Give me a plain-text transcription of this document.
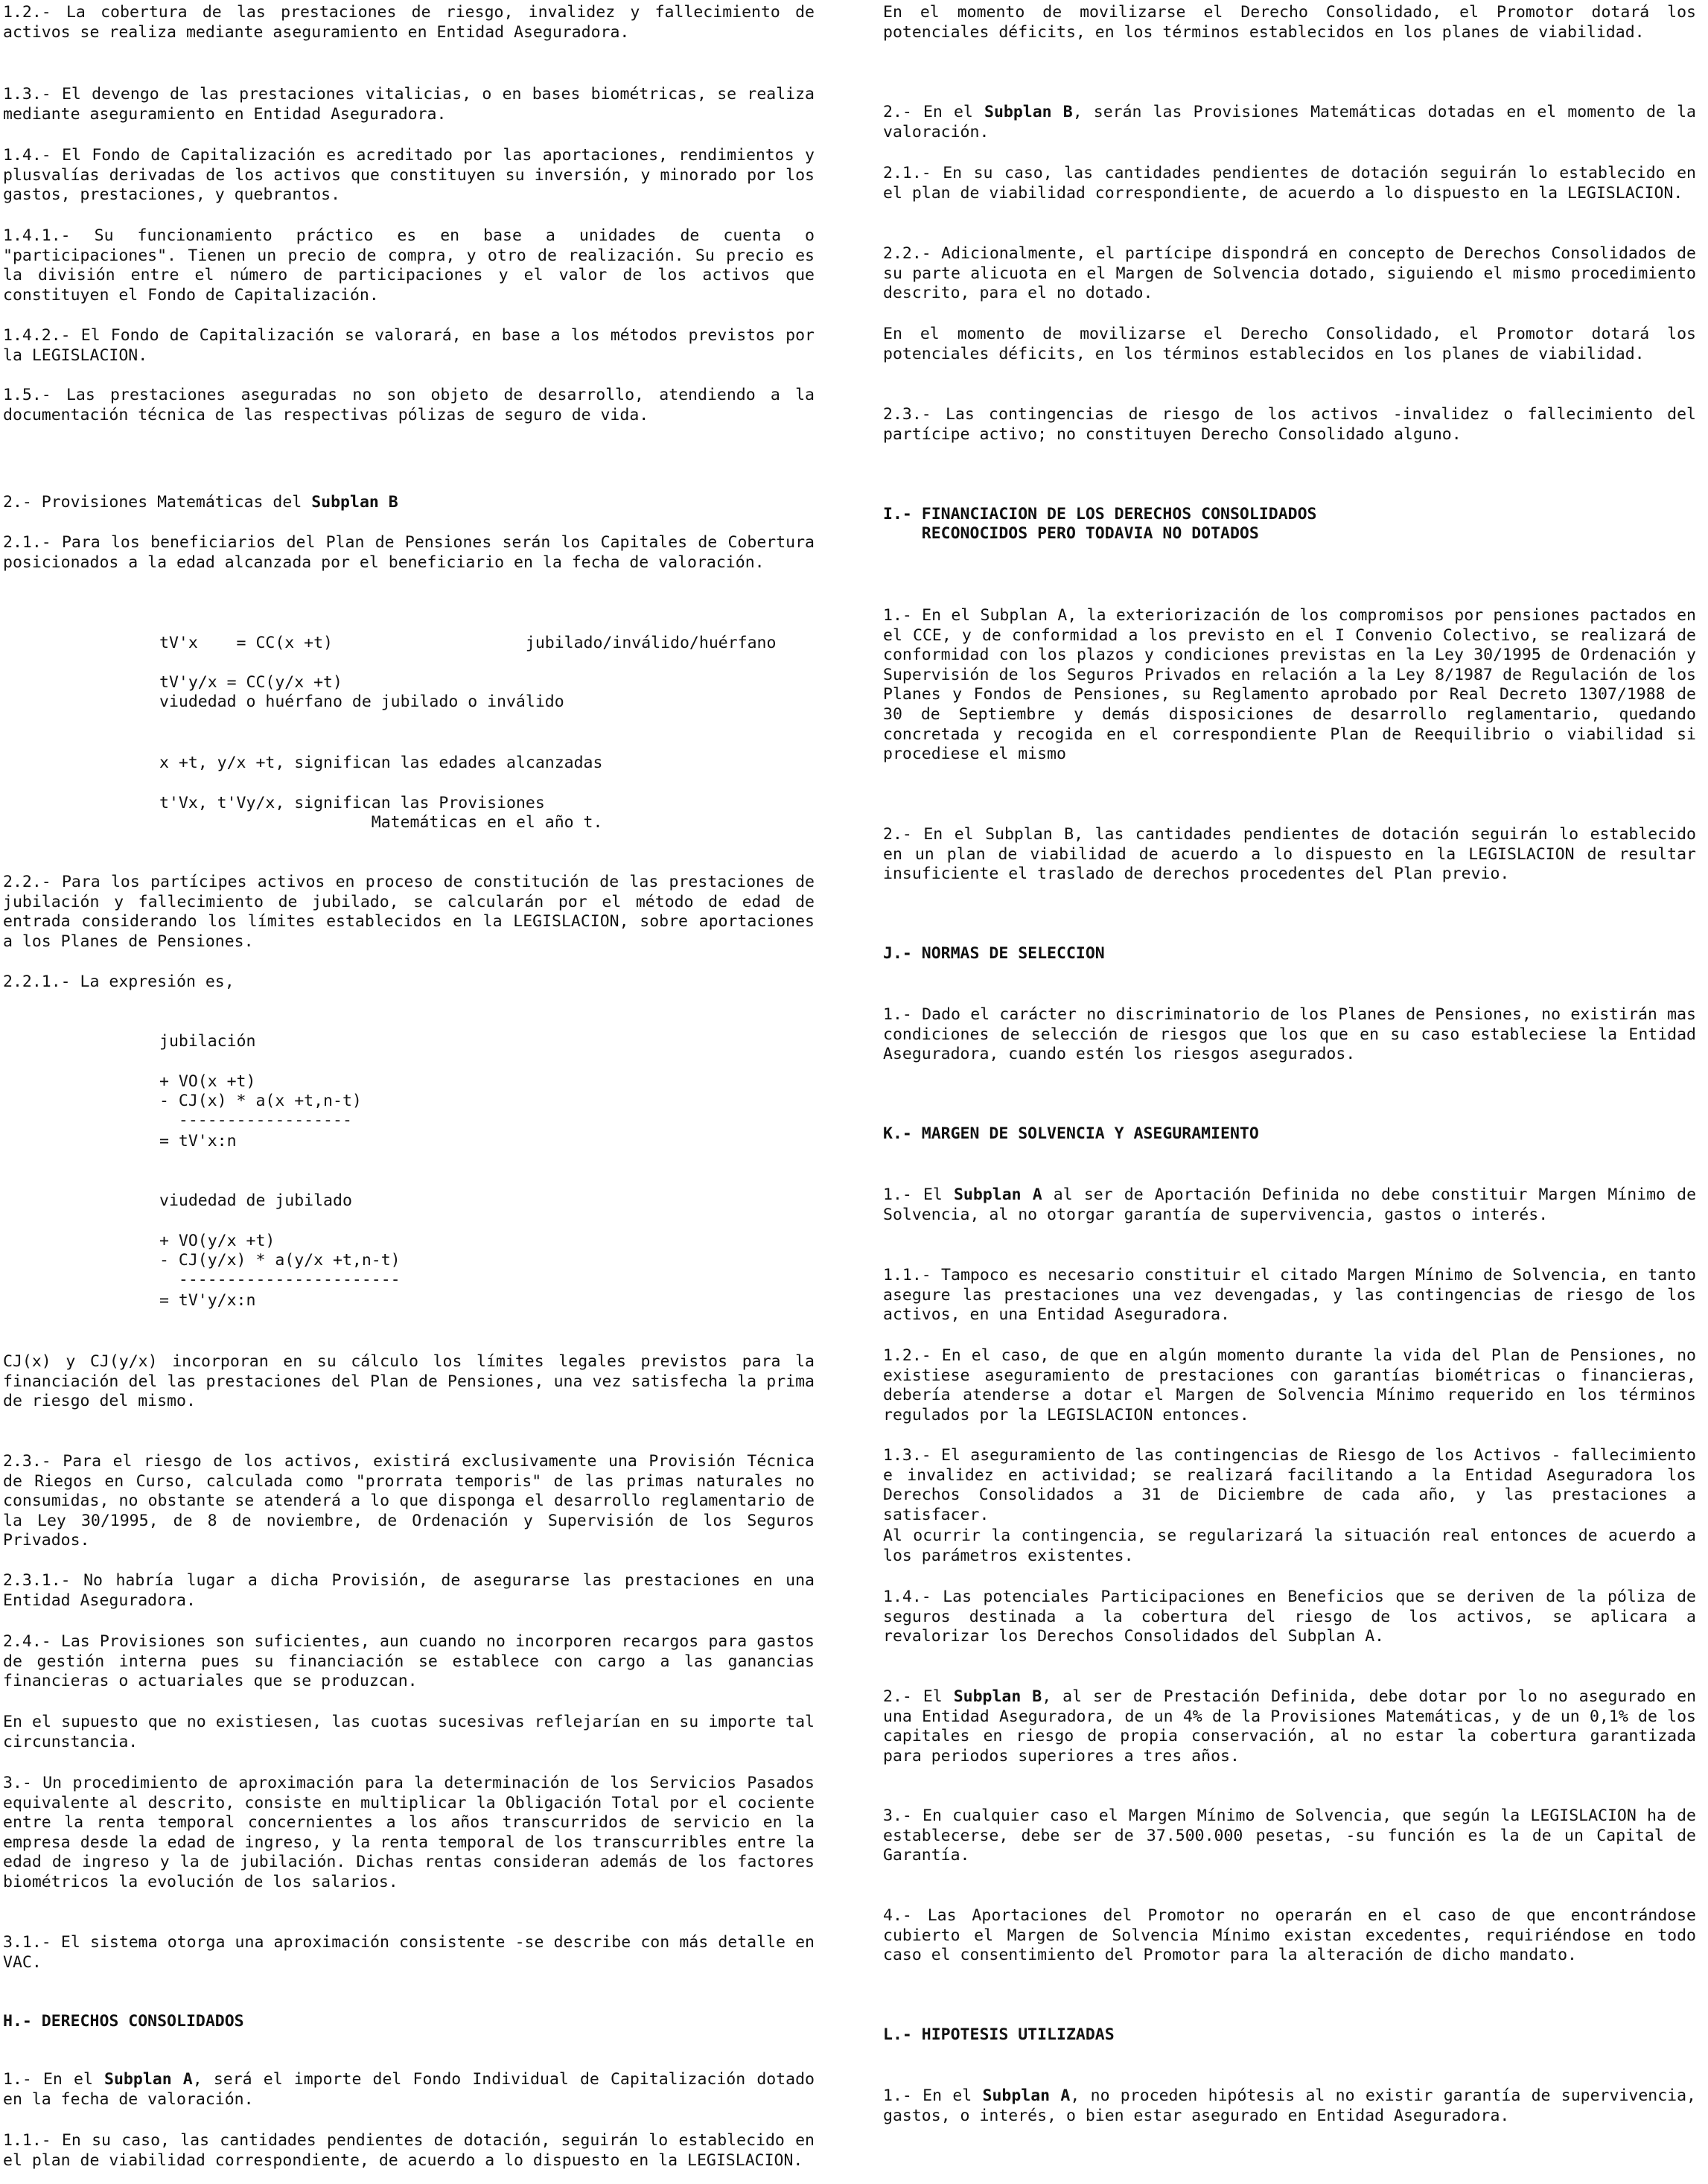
1.2.- La cobertura de las prestaciones de riesgo, invalidez y fallecimiento de activos se realiza mediante aseguramiento en Entidad Aseguradora.

1.3.- El devengo de las prestaciones vitalicias, o en bases biométricas, se realiza mediante aseguramiento en Entidad Aseguradora.

1.4.- El Fondo de Capitalización es acreditado por las aportaciones, rendimientos y plusvalías derivadas de los activos que constituyen su inversión, y minorado por los gastos, prestaciones, y quebrantos.

1.4.1.- Su funcionamiento práctico es en base a unidades de cuenta o "participaciones". Tienen un precio de compra, y otro de realización. Su precio es la división entre el número de participaciones y el valor de los activos que constituyen el Fondo de Capitalización.

1.4.2.- El Fondo de Capitalización se valorará, en base a los métodos previstos por la LEGISLACION.

1.5.- Las prestaciones aseguradas no son objeto de desarrollo, atendiendo a la documentación técnica de las respectivas pólizas de seguro de vida.

2.- Provisiones Matemáticas del Subplan B

2.1.- Para los beneficiarios del Plan de Pensiones serán los Capitales de Cobertura posicionados a la edad alcanzada por el beneficiario en la fecha de valoración.

tV'x    = CC(x +t)                    jubilado/inválido/huérfano

tV'y/x = CC(y/x +t)

viudedad o huérfano de jubilado o inválido

x +t, y/x +t, significan las edades alcanzadas

t'Vx, t'Vy/x, significan las Provisiones

Matemáticas en el año t.

2.2.- Para los partícipes activos en proceso de constitución de las prestaciones de jubilación y fallecimiento de jubilado, se calcularán por el método de edad de entrada considerando los límites establecidos en la LEGISLACION, sobre aportaciones a los Planes de Pensiones.

2.2.1.- La expresión es,

jubilación

+ VO(x +t)

- CJ(x) * a(x +t,n-t)

------------------

= tV'x:n

viudedad de jubilado

+ VO(y/x +t)

- CJ(y/x) * a(y/x +t,n-t)

-----------------------

= tV'y/x:n

CJ(x) y CJ(y/x) incorporan en su cálculo los límites legales previstos para la financiación del las prestaciones del Plan de Pensiones, una vez satisfecha la prima de riesgo del mismo.

2.3.- Para el riesgo de los activos, existirá exclusivamente una Provisión Técnica de Riegos en Curso, calculada como "prorrata temporis" de las primas naturales no consumidas, no obstante se atenderá a lo que disponga el desarrollo reglamentario de la Ley 30/1995, de 8 de noviembre, de Ordenación y Supervisión de los Seguros Privados.

2.3.1.- No habría lugar a dicha Provisión, de asegurarse las prestaciones en una Entidad Aseguradora.

2.4.- Las Provisiones son suficientes, aun cuando no incorporen recargos para gastos de gestión interna pues su financiación se establece con cargo a las ganancias financieras o actuariales que se produzcan.

En el supuesto que no existiesen, las cuotas sucesivas reflejarían en su importe tal circunstancia.

3.- Un procedimiento de aproximación para la determinación de los Servicios Pasados equivalente al descrito, consiste en multiplicar la Obligación Total por el cociente entre la renta temporal concernientes a los años transcurridos de servicio en la empresa desde la edad de ingreso, y la renta temporal de los transcurribles entre la edad de ingreso y la de jubilación. Dichas rentas consideran además de los factores biométricos la evolución de los salarios.

3.1.- El sistema otorga una aproximación consistente -se describe con más detalle en VAC.

H.- DERECHOS CONSOLIDADOS

1.- En el Subplan A, será el importe del Fondo Individual de Capitalización dotado en la fecha de valoración.

1.1.- En su caso, las cantidades pendientes de dotación, seguirán lo establecido en el plan de viabilidad correspondiente, de acuerdo a lo dispuesto en la LEGISLACION.

En el momento de movilizarse el Derecho Consolidado, el Promotor dotará los potenciales déficits, en los términos establecidos en los planes de viabilidad.

2.- En el Subplan B, serán las Provisiones Matemáticas dotadas en el momento de la valoración.

2.1.- En su caso, las cantidades pendientes de dotación seguirán lo establecido en el plan de viabilidad correspondiente, de acuerdo a lo dispuesto en la LEGISLACION.

2.2.- Adicionalmente, el partícipe dispondrá en concepto de Derechos Consolidados de su parte alicuota en el Margen de Solvencia dotado, siguiendo el mismo procedimiento descrito, para el no dotado.

En el momento de movilizarse el Derecho Consolidado, el Promotor dotará los potenciales déficits, en los términos establecidos en los planes de viabilidad.

2.3.- Las contingencias de riesgo de los activos -invalidez o fallecimiento del partícipe activo; no constituyen Derecho Consolidado alguno.

I.- FINANCIACION DE LOS DERECHOS CONSOLIDADOS

RECONOCIDOS PERO TODAVIA NO DOTADOS

1.- En el Subplan A, la exteriorización de los compromisos por pensiones pactados en el CCE, y de conformidad a los previsto en el I Convenio Colectivo, se realizará de conformidad con los plazos y condiciones previstas en la Ley 30/1995 de Ordenación y Supervisión de los Seguros Privados en relación a la Ley 8/1987 de Regulación de los Planes y Fondos de Pensiones, su Reglamento aprobado por Real Decreto 1307/1988 de 30 de Septiembre y demás disposiciones de desarrollo reglamentario, quedando concretada y recogida en el correspondiente Plan de Reequilibrio o viabilidad si procediese el mismo

2.- En el Subplan B, las cantidades pendientes de dotación seguirán lo establecido en un plan de viabilidad de acuerdo a lo dispuesto en la LEGISLACION de resultar insuficiente el traslado de derechos procedentes del Plan previo.

J.- NORMAS DE SELECCION

1.- Dado el carácter no discriminatorio de los Planes de Pensiones, no existirán mas condiciones de selección de riesgos que los que en su caso estableciese la Entidad Aseguradora, cuando estén los riesgos asegurados.

K.- MARGEN DE SOLVENCIA Y ASEGURAMIENTO

1.- El Subplan A al ser de Aportación Definida no debe constituir Margen Mínimo de Solvencia, al no otorgar garantía de supervivencia, gastos o interés.

1.1.- Tampoco es necesario constituir el citado Margen Mínimo de Solvencia, en tanto asegure las prestaciones una vez devengadas, y las contingencias de riesgo de los activos, en una Entidad Aseguradora.

1.2.- En el caso, de que en algún momento durante la vida del Plan de Pensiones, no existiese aseguramiento de prestaciones con garantías biométricas o financieras, debería atenderse a dotar el Margen de Solvencia Mínimo requerido en los términos regulados por la LEGISLACION entonces.

1.3.- El aseguramiento de las contingencias de Riesgo de los Activos - fallecimiento e invalidez en actividad; se realizará facilitando a la Entidad Aseguradora los Derechos Consolidados a 31 de Diciembre de cada año, y las prestaciones a satisfacer.

Al ocurrir la contingencia, se regularizará la situación real entonces de acuerdo a los parámetros existentes.

1.4.- Las potenciales Participaciones en Beneficios que se deriven de la póliza de seguros destinada a la cobertura del riesgo de los activos, se aplicara a revalorizar los Derechos Consolidados del Subplan A.

2.- El Subplan B, al ser de Prestación Definida, debe dotar por lo no asegurado en una Entidad Aseguradora, de un 4% de la Provisiones Matemáticas, y de un 0,1% de los capitales en riesgo de propia conservación, al no estar la cobertura garantizada para periodos superiores a tres años.

3.- En cualquier caso el Margen Mínimo de Solvencia, que según la LEGISLACION ha de establecerse, debe ser de 37.500.000 pesetas, -su función es la de un Capital de Garantía.

4.- Las Aportaciones del Promotor no operarán en el caso de que encontrándose cubierto el Margen de Solvencia Mínimo existan excedentes, requiriéndose en todo caso el consentimiento del Promotor para la alteración de dicho mandato.

L.- HIPOTESIS UTILIZADAS

1.- En el Subplan A, no proceden hipótesis al no existir garantía de supervivencia, gastos, o interés, o bien estar asegurado en Entidad Aseguradora.
